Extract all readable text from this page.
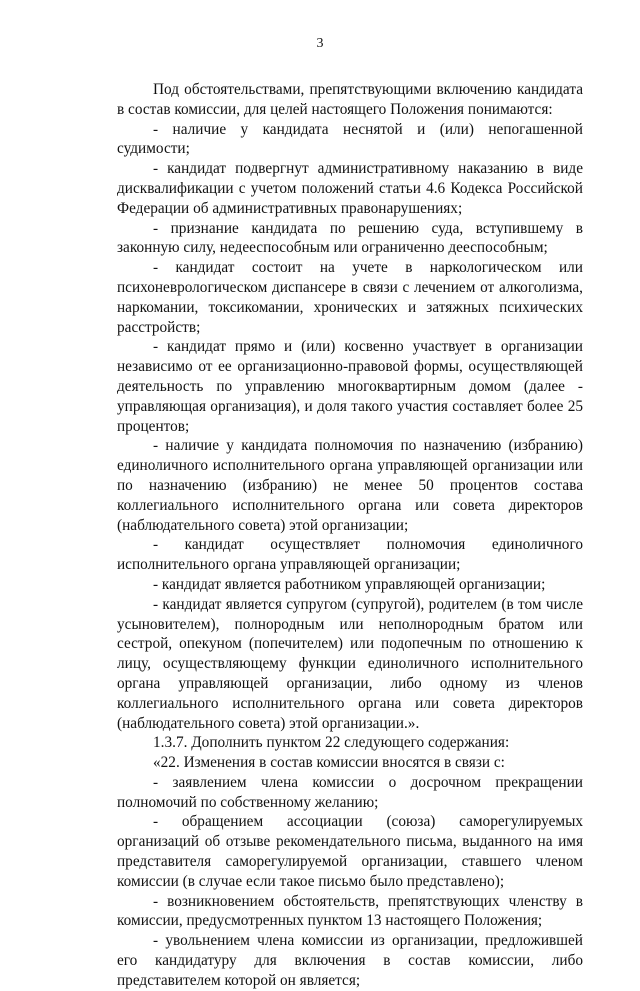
3

Под обстоятельствами, препятствующими включению кандидата в состав комиссии, для целей настоящего Положения понимаются:

- наличие у кандидата неснятой и (или) непогашенной судимости;

- кандидат подвергнут административному наказанию в виде дисквалификации с учетом положений статьи 4.6 Кодекса Российской Федерации об административных правонарушениях;

- признание кандидата по решению суда, вступившему в законную силу, недееспособным или ограниченно дееспособным;

- кандидат состоит на учете в наркологическом или психоневрологическом диспансере в связи с лечением от алкоголизма, наркомании, токсикомании, хронических и затяжных психических расстройств;

- кандидат прямо и (или) косвенно участвует в организации независимо от ее организационно-правовой формы, осуществляющей деятельность по управлению многоквартирным домом (далее - управляющая организация), и доля такого участия составляет более 25 процентов;

- наличие у кандидата полномочия по назначению (избранию) единоличного исполнительного органа управляющей организации или по назначению (избранию) не менее 50 процентов состава коллегиального исполнительного органа или совета директоров (наблюдательного совета) этой организации;

- кандидат осуществляет полномочия единоличного исполнительного органа управляющей организации;

- кандидат является работником управляющей организации;

- кандидат является супругом (супругой), родителем (в том числе усыновителем), полнородным или неполнородным братом или сестрой, опекуном (попечителем) или подопечным по отношению к лицу, осуществляющему функции единоличного исполнительного органа управляющей организации, либо одному из членов коллегиального исполнительного органа или совета директоров (наблюдательного совета) этой организации.».

1.3.7. Дополнить пунктом 22 следующего содержания:

«22. Изменения в состав комиссии вносятся в связи с:

- заявлением члена комиссии о досрочном прекращении полномочий по собственному желанию;

- обращением ассоциации (союза) саморегулируемых организаций об отзыве рекомендательного письма, выданного на имя представителя саморегулируемой организации, ставшего членом комиссии (в случае если такое письмо было представлено);

- возникновением обстоятельств, препятствующих членству в комиссии, предусмотренных пунктом 13 настоящего Положения;

- увольнением члена комиссии из организации, предложившей его кандидатуру для включения в состав комиссии, либо представителем которой он является;
